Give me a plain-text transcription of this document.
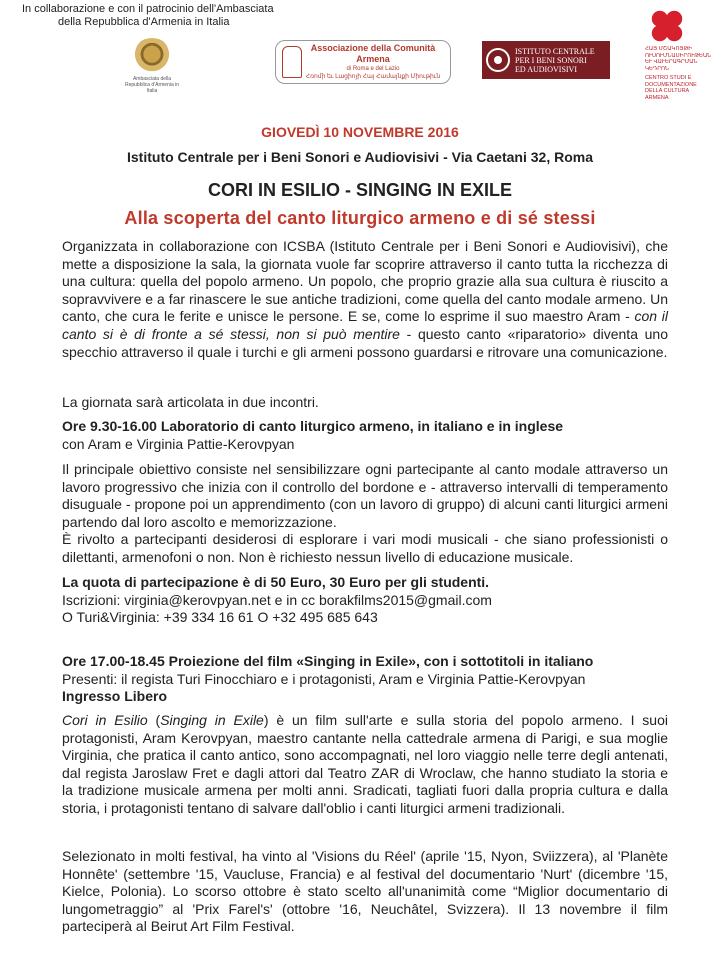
In collaborazione e con il patrocinio dell'Ambasciata
della Repubblica d'Armenia in Italia
Ambasciata della Repubblica d'Armenia in Italia
Associazione della Comunità Armena
di Roma e del Lazio
Հռոմի եւ Լացիոյի Հայ Համայնքի Միութիւն
ISTITUTO CENTRALE
PER I BENI SONORI
ED AUDIOVISIVI
ՀԱՅ ՄՇԱԿՈՅԹԻ ՈՒՍՈՒՄՆԱՍԻՐՈՒԹԵԱՆ ԵՒ ՎԱՒԵՐԱԳՐՄԱՆ ԿԵԴՐՈՆ
CENTRO STUDI E DOCUMENTAZIONE DELLA CULTURA ARMENA
GIOVEDÌ 10 NOVEMBRE 2016
Istituto Centrale per i Beni Sonori e Audiovisivi - Via Caetani 32, Roma
CORI IN ESILIO - SINGING IN EXILE
Alla scoperta del canto liturgico armeno e di sé stessi

Organizzata in collaborazione con ICSBA (Istituto Centrale per i Beni Sonori e Audiovisivi), che mette a disposizione la sala, la giornata vuole far scoprire attraverso il canto tutta la ricchezza di una cultura: quella del popolo armeno. Un popolo, che proprio grazie alla sua cultura è riuscito a sopravvivere e a far rinascere le sue antiche tradizioni, come quella del canto modale armeno. Un canto, che cura le ferite e unisce le persone. E se, come lo esprime il suo maestro Aram - con il canto si è di fronte a sé stessi, non si può mentire - questo canto «riparatorio» diventa uno specchio attraverso il quale i turchi e gli armeni possono guardarsi e ritrovare una comunicazione.

La giornata sarà articolata in due incontri.

Ore 9.30-16.00 Laboratorio di canto liturgico armeno, in italiano e in inglese

con Aram e Virginia Pattie-Kerovpyan

Il principale obiettivo consiste nel sensibilizzare ogni partecipante al canto modale attraverso un lavoro progressivo che inizia con il controllo del bordone e - attraverso intervalli di temperamento disuguale - propone poi un apprendimento (con un lavoro di gruppo) di alcuni canti liturgici armeni partendo dal loro ascolto e memorizzazione.

È rivolto a partecipanti desiderosi di esplorare i vari modi musicali - che siano professionisti o dilettanti, armenofoni o non. Non è richiesto nessun livello di educazione musicale.

La quota di partecipazione è di 50 Euro, 30 Euro per gli studenti.

Iscrizioni: virginia@kerovpyan.net e in cc borakfilms2015@gmail.com

O Turi&Virginia: +39 334 16 61 O +32 495 685 643

Ore 17.00-18.45 Proiezione del film «Singing in Exile», con i sottotitoli in italiano

Presenti: il regista Turi Finocchiaro e i protagonisti, Aram e Virginia Pattie-Kerovpyan

Ingresso Libero

Cori in Esilio (Singing in Exile) è un film sull'arte e sulla storia del popolo armeno. I suoi protagonisti, Aram Kerovpyan, maestro cantante nella cattedrale armena di Parigi, e sua moglie Virginia, che pratica il canto antico, sono accompagnati, nel loro viaggio nelle terre degli antenati, dal regista Jaroslaw Fret e dagli attori dal Teatro ZAR di Wroclaw, che hanno studiato la storia e la tradizione musicale armena per molti anni. Sradicati, tagliati fuori dalla propria cultura e dalla storia, i protagonisti tentano di salvare dall'oblio i canti liturgici armeni tradizionali.

Selezionato in molti festival, ha vinto al 'Visions du Réel' (aprile '15, Nyon, Sviizzera), al 'Planète Honnête' (settembre '15, Vaucluse, Francia) e al festival del documentario 'Nurt' (dicembre '15, Kielce, Polonia). Lo scorso ottobre è stato scelto all'unanimità come “Miglior documentario di lungometraggio” al 'Prix Farel's' (ottobre '16, Neuchâtel, Svizzera). Il 13 novembre il film parteciperà al Beirut Art Film Festival.
